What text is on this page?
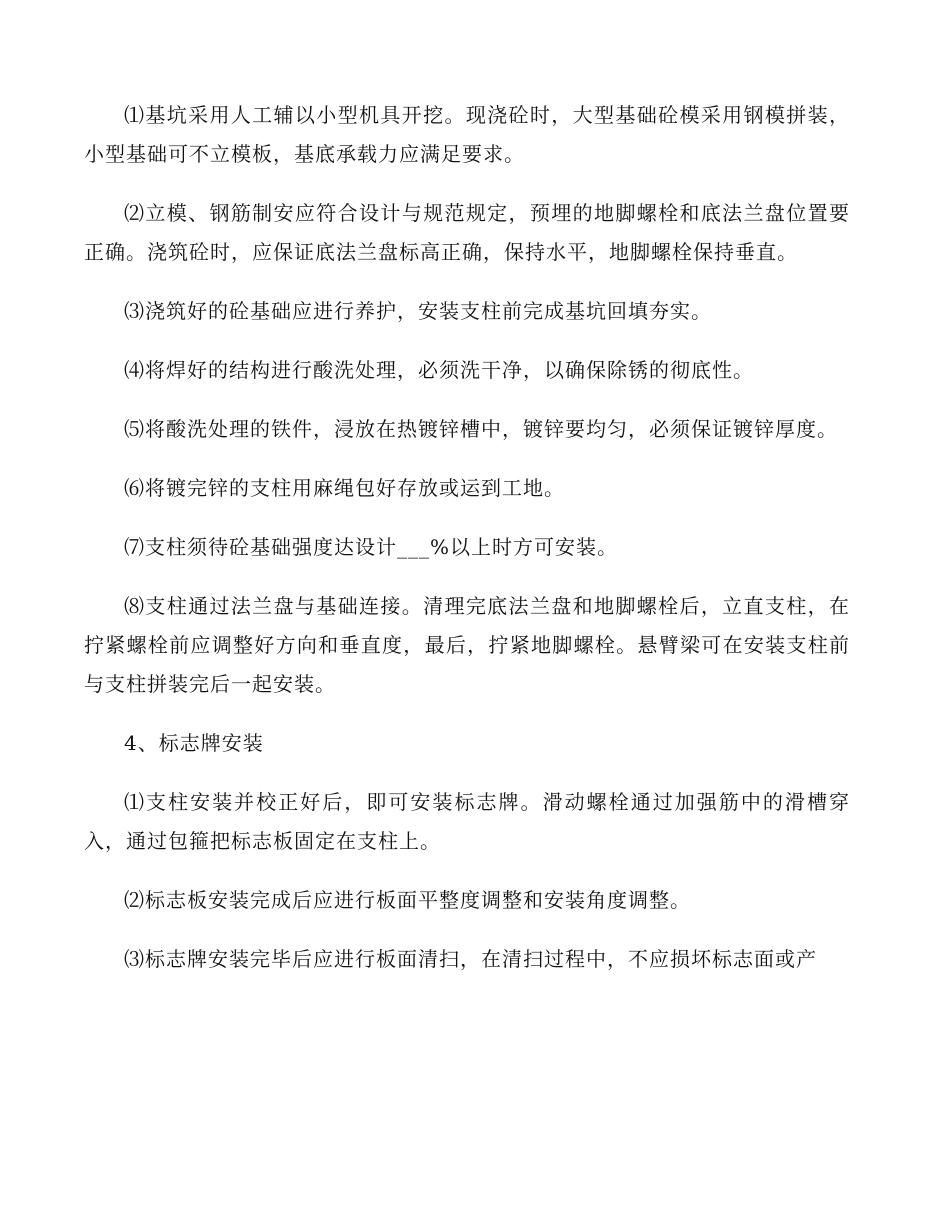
⑴基坑采用人工辅以小型机具开挖。现浇砼时，大型基础砼模采用钢模拼装，小型基础可不立模板，基底承载力应满足要求。

⑵立模、钢筋制安应符合设计与规范规定，预埋的地脚螺栓和底法兰盘位置要正确。浇筑砼时，应保证底法兰盘标高正确，保持水平，地脚螺栓保持垂直。

⑶浇筑好的砼基础应进行养护，安装支柱前完成基坑回填夯实。

⑷将焊好的结构进行酸洗处理，必须洗干净，以确保除锈的彻底性。

⑸将酸洗处理的铁件，浸放在热镀锌槽中，镀锌要均匀，必须保证镀锌厚度。

⑹将镀完锌的支柱用麻绳包好存放或运到工地。

⑺支柱须待砼基础强度达设计___%以上时方可安装。

⑻支柱通过法兰盘与基础连接。清理完底法兰盘和地脚螺栓后，立直支柱，在拧紧螺栓前应调整好方向和垂直度，最后，拧紧地脚螺栓。悬臂梁可在安装支柱前与支柱拼装完后一起安装。

4、标志牌安装

⑴支柱安装并校正好后，即可安装标志牌。滑动螺栓通过加强筋中的滑槽穿入，通过包箍把标志板固定在支柱上。

⑵标志板安装完成后应进行板面平整度调整和安装角度调整。

⑶标志牌安装完毕后应进行板面清扫，在清扫过程中，不应损坏标志面或产
